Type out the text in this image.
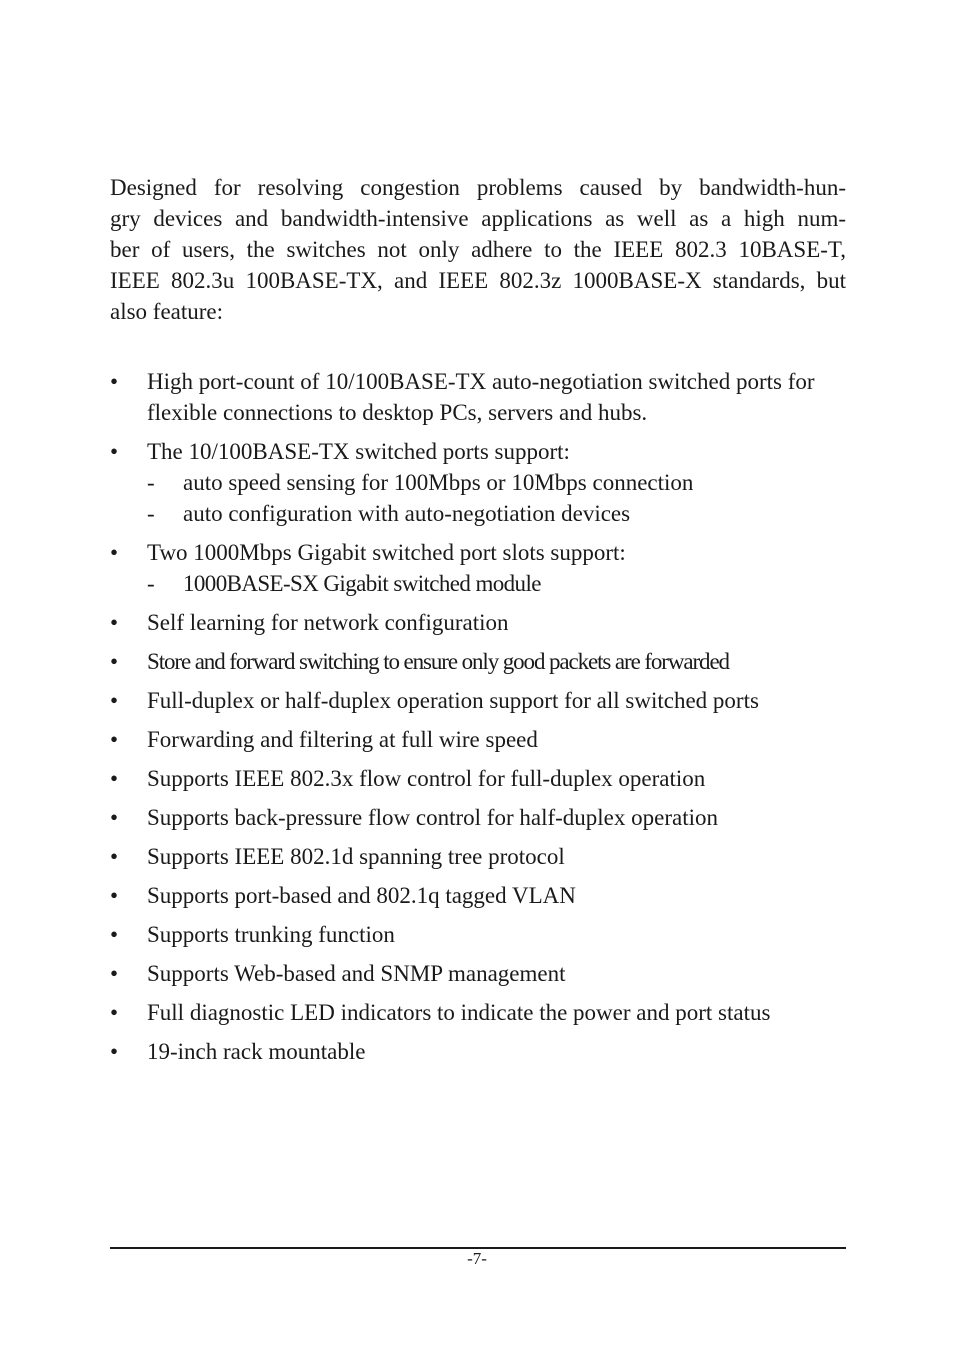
Designed for resolving congestion problems caused by bandwidth-hun-
gry devices and bandwidth-intensive applications as well as a high num-
ber of users, the switches not only adhere to the IEEE 802.3 10BASE-T,
IEEE 802.3u 100BASE-TX, and IEEE 802.3z 1000BASE-X standards, but
also feature:
•	High port-count of 10/100BASE-TX auto-negotiation switched ports for flexible connections to desktop PCs, servers and hubs.
•	The 10/100BASE-TX switched ports support:
- auto speed sensing for 100Mbps or 10Mbps connection
- auto configuration with auto-negotiation devices
•	Two 1000Mbps Gigabit switched port slots support:
- 1000BASE-SX Gigabit switched module
•	Self learning for network configuration
•	Store and forward switching to ensure only good packets are forwarded
•	Full-duplex or half-duplex operation support for all switched ports
•	Forwarding and filtering at full wire speed
•	Supports IEEE 802.3x flow control for full-duplex operation
•	Supports back-pressure flow control for half-duplex operation
•	Supports IEEE 802.1d spanning tree protocol
•	Supports port-based and 802.1q tagged VLAN
•	Supports trunking function
•	Supports Web-based and SNMP management
•	Full diagnostic LED indicators to indicate the power and port status
•	19-inch rack mountable
-7-
